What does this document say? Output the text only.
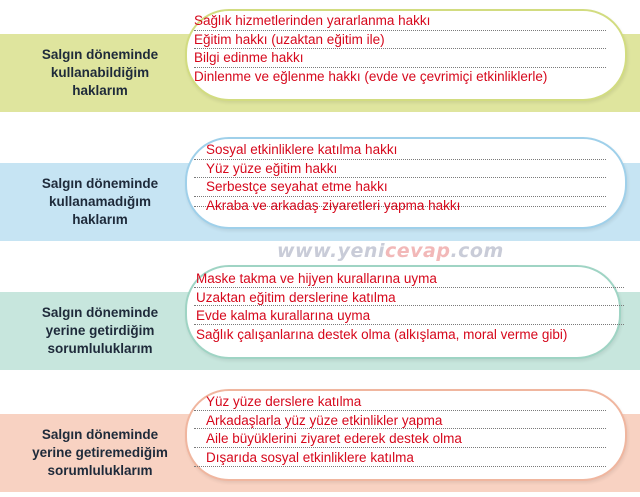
www.yenicevap.com
Salgın döneminde
kullanabildiğim
haklarım
Sağlık hizmetlerinden yararlanma hakkı
Eğitim hakkı (uzaktan eğitim ile)
Bilgi edinme hakkı
Dinlenme ve eğlenme hakkı (evde ve çevrimiçi etkinliklerle)
Salgın döneminde
kullanamadığım
haklarım
Sosyal etkinliklere katılma hakkı
Yüz yüze eğitim hakkı
Serbestçe seyahat etme hakkı
Akraba ve arkadaş ziyaretleri yapma hakkı
Salgın döneminde
yerine getirdiğim
sorumluluklarım
Maske takma ve hijyen kurallarına uyma
Uzaktan eğitim derslerine katılma
Evde kalma kurallarına uyma
Sağlık çalışanlarına destek olma (alkışlama, moral verme gibi)
Salgın döneminde
yerine getiremediğim
sorumluluklarım
Yüz yüze derslere katılma
Arkadaşlarla yüz yüze etkinlikler yapma
Aile büyüklerini ziyaret ederek destek olma
Dışarıda sosyal etkinliklere katılma
